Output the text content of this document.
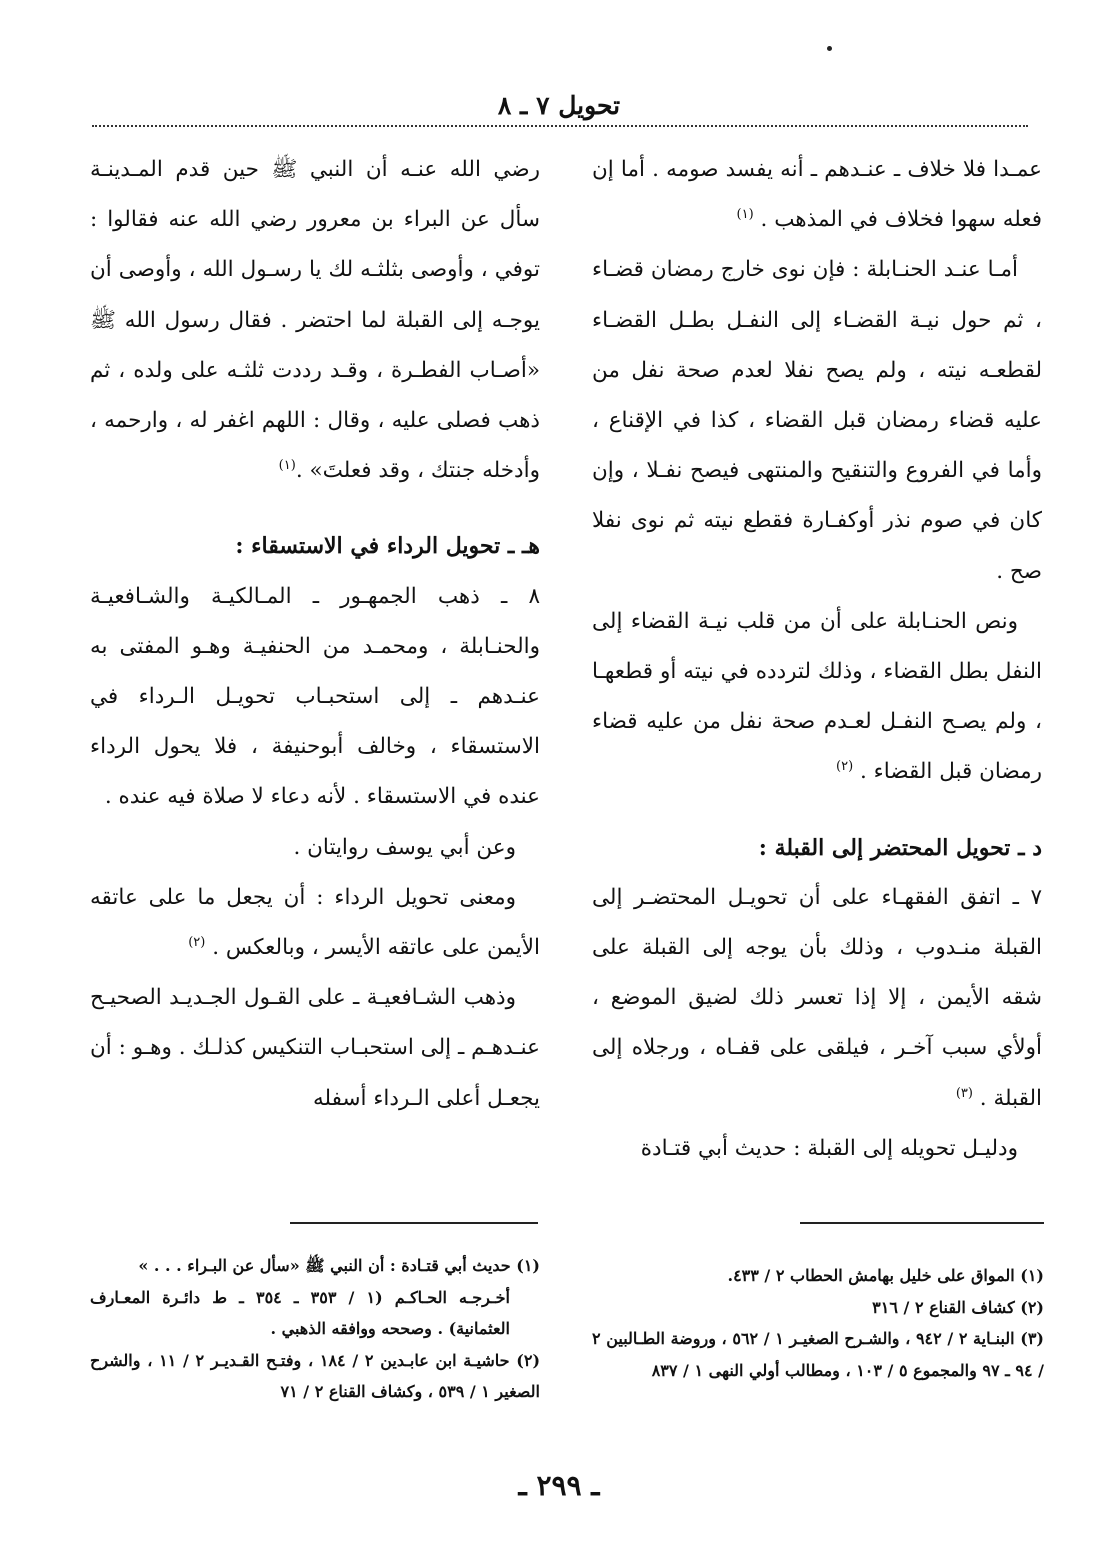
تحويل ٧ ـ ٨

عمـدا فلا خلاف ـ عنـدهم ـ أنه يفسد صومه . أما إن فعله سهوا فخلاف في المذهب . $^{(١)}$

أمـا عنـد الحنـابلة : فإن نوى خارج رمضان قضـاء ، ثم حول نيـة القضـاء إلى النفـل بطـل القضـاء لقطعـه نيته ، ولم يصح نفلا لعدم صحة نفل من عليه قضاء رمضان قبل القضاء ، كذا في الإقناع ، وأما في الفروع والتنقيح والمنتهى فيصح نفـلا ، وإن كان في صوم نذر أوكفـارة فقطع نيته ثم نوى نفلا صح .

ونص الحنـابلة على أن من قلب نيـة القضاء إلى النفل بطل القضاء ، وذلك لتردده في نيته أو قطعهـا ، ولم يصـح النفـل لعـدم صحة نفل من عليه قضاء رمضان قبل القضاء . $^{(٢)}$

د ـ تحويل المحتضر إلى القبلة :

٧ ـ اتفق الفقهـاء على أن تحويـل المحتضـر إلى القبلة منـدوب ، وذلك بأن يوجه إلى القبلة على شقه الأيمن ، إلا إذا تعسر ذلك لضيق الموضع ، أولأي سبب آخـر ، فيلقى على قفـاه ، ورجلاه إلى القبلة . $^{(٣)}$

ودليـل تحويله إلى القبلة : حديث أبي قتـادة

رضي الله عنـه أن النبي ﷺ حين قدم المـدينـة سأل عن البراء بن معرور رضي الله عنه فقالوا : توفي ، وأوصى بثلثـه لك يا رسـول الله ، وأوصى أن يوجـه إلى القبلة لما احتضر . فقال رسول الله ﷺ «أصـاب الفطـرة ، وقـد رددت ثلثـه على ولده ، ثم ذهب فصلى عليه ، وقال : اللهم اغفر له ، وارحمه ، وأدخله جنتك ، وقد فعلتَ» .$^{(١)}$

هـ ـ تحويل الرداء في الاستسقاء :

٨ ـ ذهب الجمهـور ـ المـالكيـة والشـافعيـة والحنـابلة ، ومحمـد من الحنفيـة وهـو المفتى به عنـدهم ـ إلى استحبـاب تحويـل الـرداء في الاستسقاء ، وخالف أبوحنيفة ، فلا يحول الرداء عنده في الاستسقاء . لأنه دعاء لا صلاة فيه عنده .

وعن أبي يوسف روايتان .

ومعنى تحويل الرداء : أن يجعل ما على عاتقه الأيمن على عاتقه الأيسر ، وبالعكس . $^{(٢)}$

وذهب الشـافعيـة ـ على القـول الجـديـد الصحيـح عنـدهـم ـ إلى استحبـاب التنكيس كذلـك . وهـو : أن يجعـل أعلى الـرداء أسفله

(١) المواق على خليل بهامش الحطاب ٢ / ٤٣٣.

(٢) كشاف القناع ٢ / ٣١٦

(٣) البنـاية ٢ / ٩٤٢ ، والشـرح الصغيـر ١ / ٥٦٢ ، وروضة الطـالبين ٢ / ٩٤ ـ ٩٧ والمجموع ٥ / ١٠٣ ، ومطالب أولي النهى ١ / ٨٣٧

(١) حديث أبي قتـادة : أن النبي ﷺ «سأل عن البـراء . . . »

أخـرجـه الحـاكـم (١ / ٣٥٣ ـ ٣٥٤ ـ ط دائـرة المعـارف العثمانية) . وصححه ووافقه الذهبي .

(٢) حاشيـة ابن عابـدين ٢ / ١٨٤ ، وفتـح القـديـر ٢ / ١١ ، والشرح الصغير ١ / ٥٣٩ ، وكشاف القناع ٢ / ٧١

ـ ٢٩٩ ـ
